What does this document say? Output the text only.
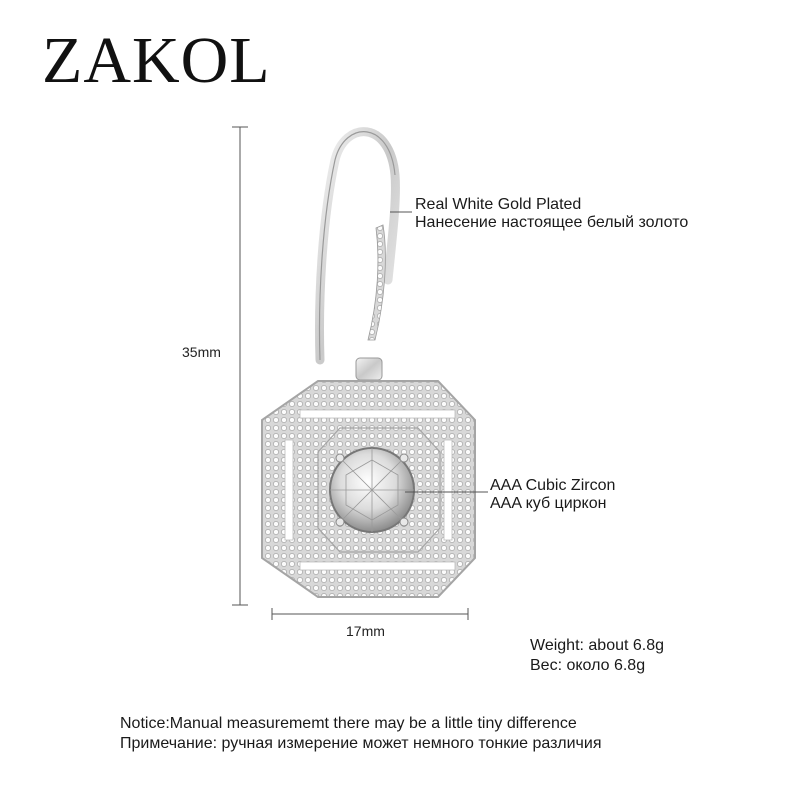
ZAKOL
35mm
17mm
Real White Gold Plated
Нанесение настоящее белый золото
AAA Cubic Zircon
AAA куб циркон
Weight: about 6.8g
Вес: около 6.8g
Notice:Manual measurememt there may be a little tiny difference
Примечание: ручная измерение может немного тонкие различия
